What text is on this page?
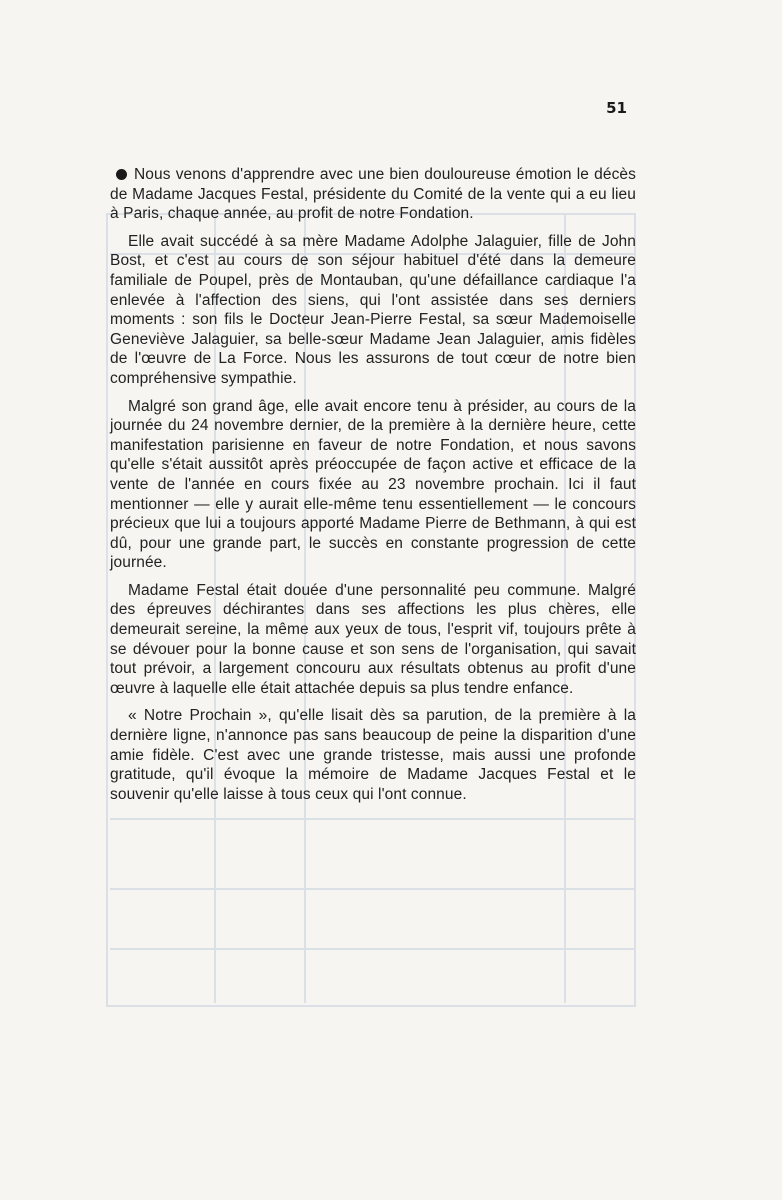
51

Nous venons d'apprendre avec une bien douloureuse émotion le décès de Madame Jacques Festal, présidente du Comité de la vente qui a eu lieu à Paris, chaque année, au profit de notre Fondation.

Elle avait succédé à sa mère Madame Adolphe Jalaguier, fille de John Bost, et c'est au cours de son séjour habituel d'été dans la demeure familiale de Poupel, près de Montauban, qu'une défaillance cardiaque l'a enlevée à l'affection des siens, qui l'ont assistée dans ses derniers moments : son fils le Docteur Jean-Pierre Festal, sa sœur Mademoiselle Geneviève Jalaguier, sa belle-sœur Madame Jean Jalaguier, amis fidèles de l'œuvre de La Force. Nous les assurons de tout cœur de notre bien compréhensive sympathie.

Malgré son grand âge, elle avait encore tenu à présider, au cours de la journée du 24 novembre dernier, de la première à la dernière heure, cette manifestation parisienne en faveur de notre Fondation, et nous savons qu'elle s'était aussitôt après préoccupée de façon active et efficace de la vente de l'année en cours fixée au 23 novembre prochain. Ici il faut mentionner — elle y aurait elle-même tenu essentiellement — le concours précieux que lui a toujours apporté Madame Pierre de Bethmann, à qui est dû, pour une grande part, le succès en constante progression de cette journée.

Madame Festal était douée d'une personnalité peu commune. Malgré des épreuves déchirantes dans ses affections les plus chères, elle demeurait sereine, la même aux yeux de tous, l'esprit vif, toujours prête à se dévouer pour la bonne cause et son sens de l'organisation, qui savait tout prévoir, a largement concouru aux résultats obtenus au profit d'une œuvre à laquelle elle était attachée depuis sa plus tendre enfance.

« Notre Prochain », qu'elle lisait dès sa parution, de la première à la dernière ligne, n'annonce pas sans beaucoup de peine la disparition d'une amie fidèle. C'est avec une grande tristesse, mais aussi une profonde gratitude, qu'il évoque la mémoire de Madame Jacques Festal et le souvenir qu'elle laisse à tous ceux qui l'ont connue.
